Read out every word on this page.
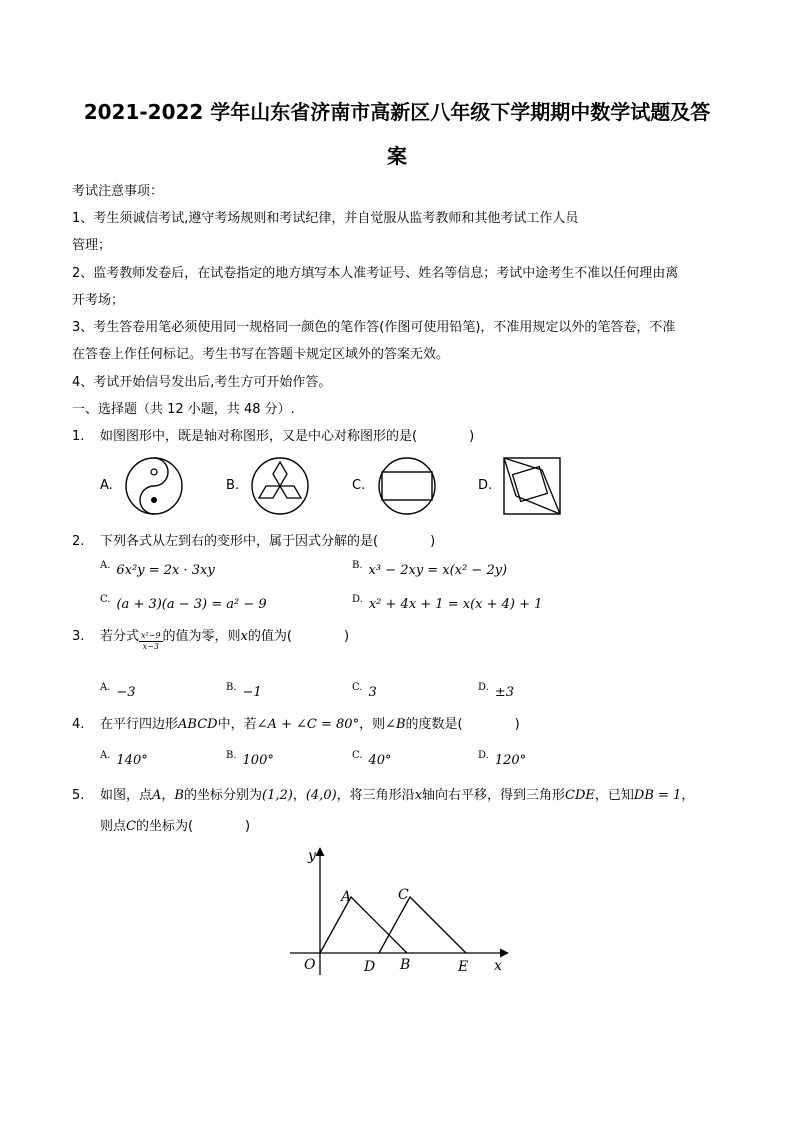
2021-2022 学年山东省济南市高新区八年级下学期期中数学试题及答
案
考试注意事项：
1、考生须诚信考试,遵守考场规则和考试纪律，并自觉服从监考教师和其他考试工作人员
管理；
2、监考教师发卷后，在试卷指定的地方填写本人准考证号、姓名等信息；考试中途考生不准以任何理由离
开考场；
3、考生答卷用笔必须使用同一规格同一颜色的笔作答(作图可使用铅笔)，不准用规定以外的笔答卷，不准
在答卷上作任何标记。考生书写在答题卡规定区域外的答案无效。
4、考试开始信号发出后,考生方可开始作答。
一、选择题（共 12 小题，共 48 分）.
1. 如图图形中，既是轴对称图形，又是中心对称图形的是(　　　　)
A.	B.	C.	D.
2. 下列各式从左到右的变形中，属于因式分解的是(　　　　)
$^{A.}$ 6x²y = 2x · 3xy	$^{B.}$ x³ − 2xy = x(x² − 2y)
$^{C.}$ (a + 3)(a − 3) = a² − 9	$^{D.}$ x² + 4x + 1 = x(x + 4) + 1
3. 若分式 $\frac{\text{x²−9}}{x-3}$的值为零，则x的值为(　　　　)
$^{A.}$ −3	$^{B.}$ −1	$^{C.}$ 3	$^{D.}$ ±3
4. 在平行四边形ABCD中，若∠A + ∠C = 80°，则∠B的度数是(　　　　)
$^{A.}$ 140°	$^{B.}$ 100°	$^{C.}$ 40°	$^{D.}$ 120°
5. 如图，点A，B的坐标分别为(1,2)，(4,0)，将三角形沿x轴向右平移，得到三角形CDE，已知DB = 1，
则点C的坐标为(　　　　)
y
x
O
A	C
D B	E
